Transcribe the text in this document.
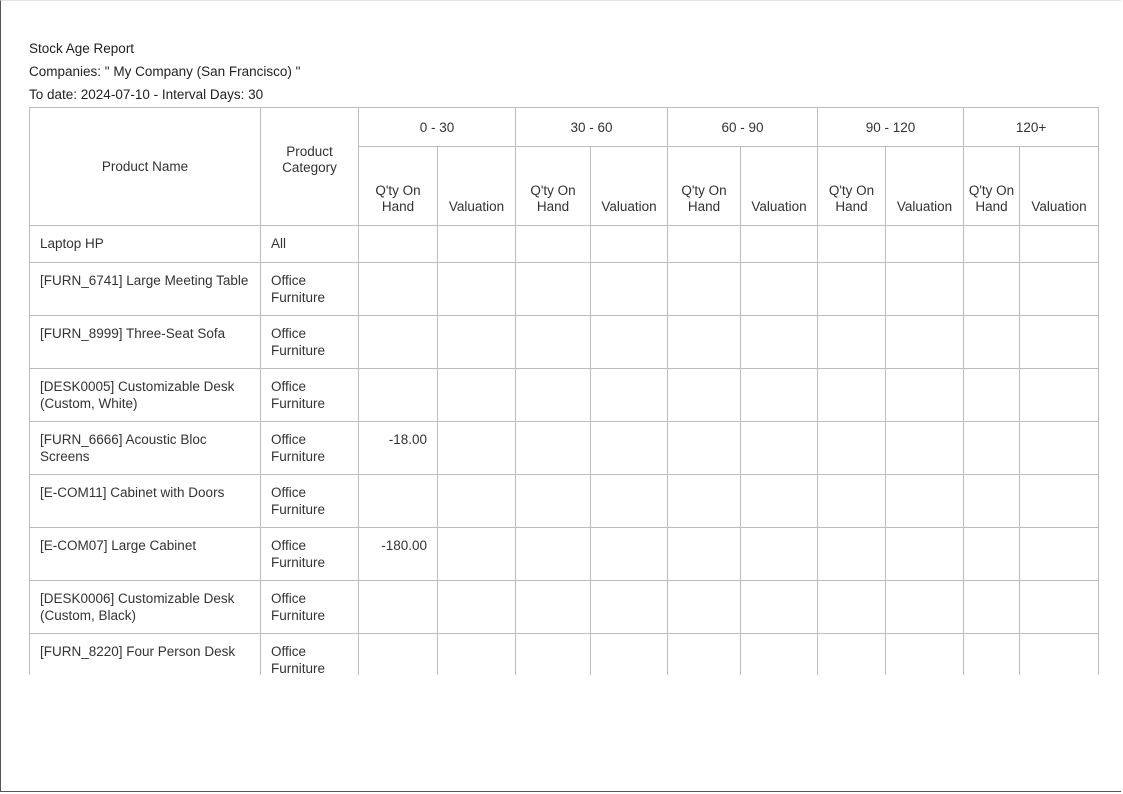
Stock Age Report
Companies: " My Company (San Francisco) "
To date: 2024-07-10 - Interval Days: 30
Product Name	Product Category	0 - 30		30 - 60		60 - 90		90 - 120		120+	
		Q'ty On Hand	Valuation	Q'ty On Hand	Valuation	Q'ty On Hand	Valuation	Q'ty On Hand	Valuation	Q'ty On Hand	Valuation
Laptop HP	All										
[FURN_6741] Large Meeting Table	Office Furniture										
[FURN_8999] Three-Seat Sofa	Office Furniture										
[DESK0005] Customizable Desk (Custom, White)	Office Furniture										
[FURN_6666] Acoustic Bloc Screens	Office Furniture	-18.00									
[E-COM11] Cabinet with Doors	Office Furniture										
[E-COM07] Large Cabinet	Office Furniture	-180.00									
[DESK0006] Customizable Desk (Custom, Black)	Office Furniture										
[FURN_8220] Four Person Desk	Office Furniture										
